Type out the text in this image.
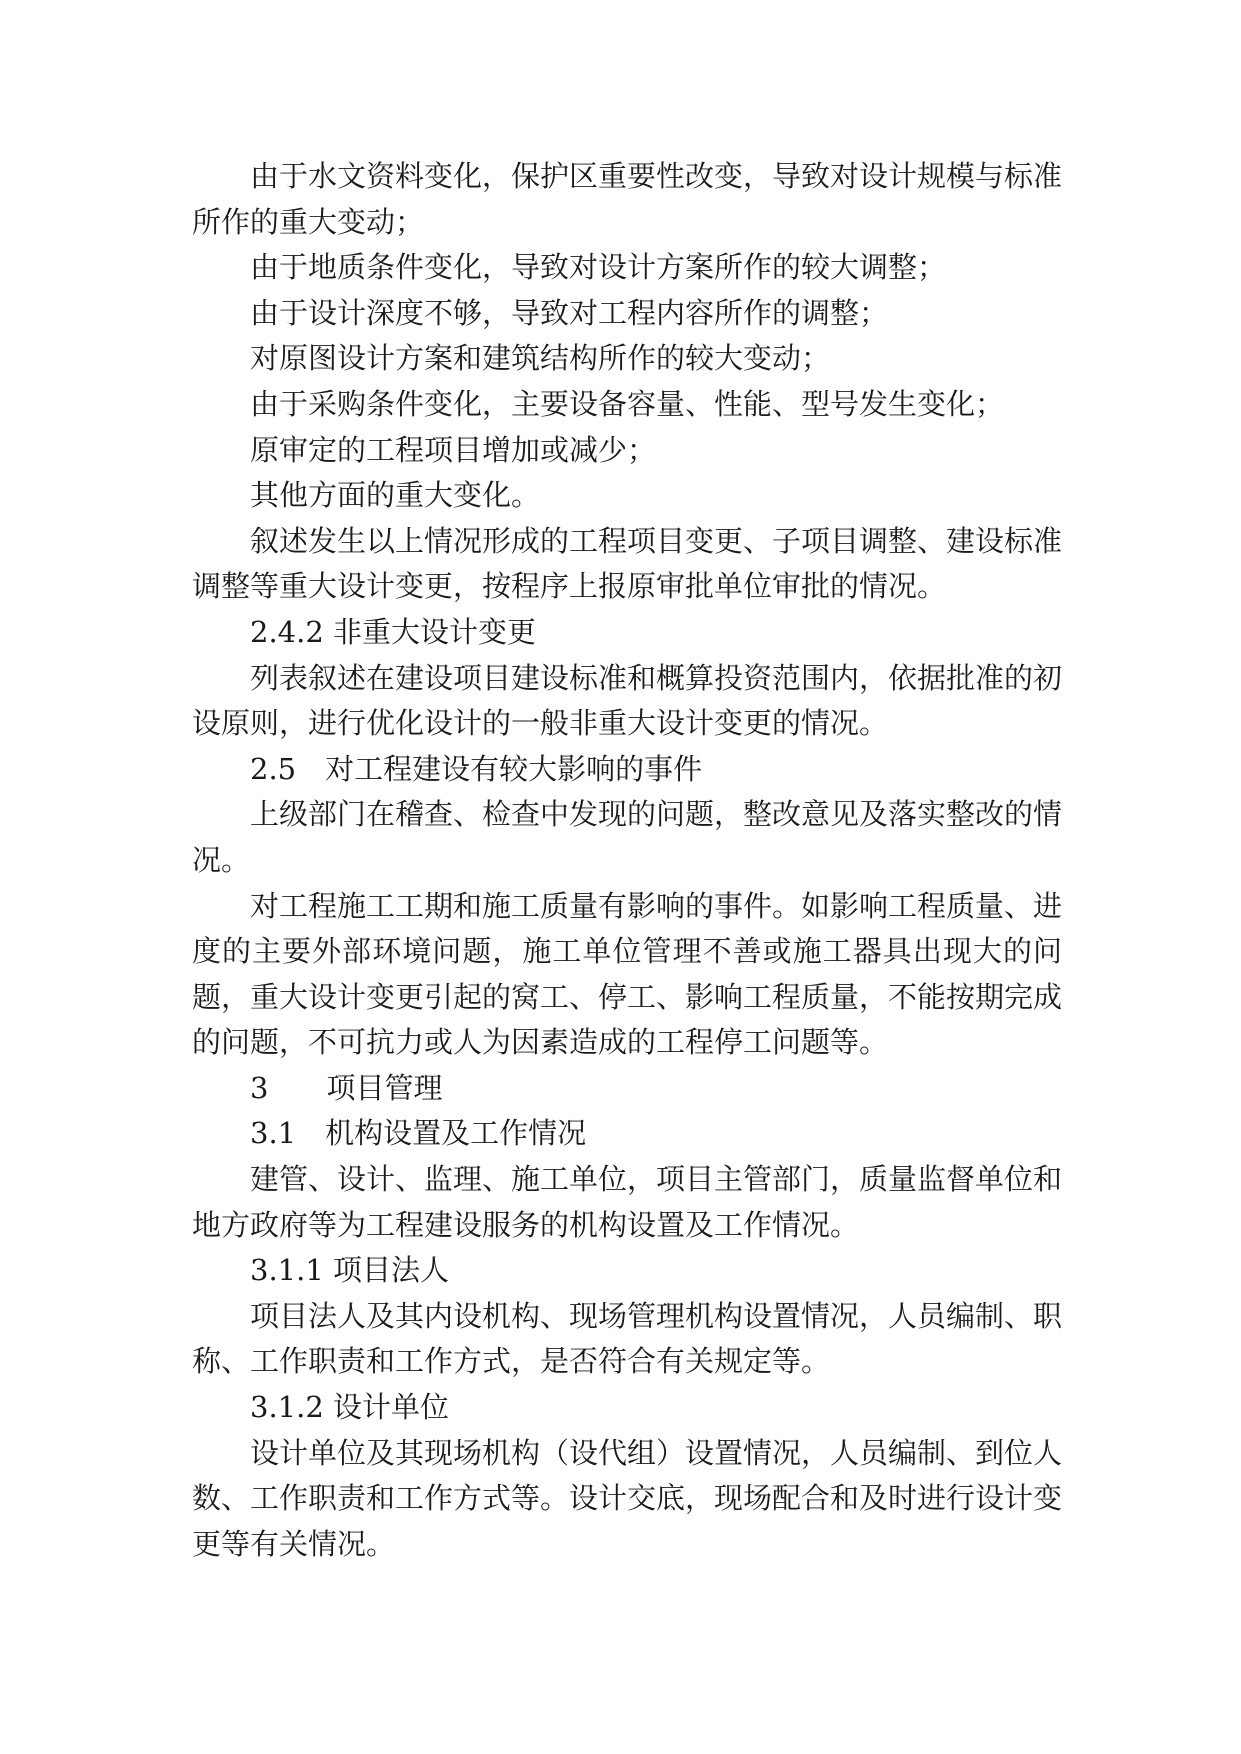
由于水文资料变化，保护区重要性改变，导致对设计规模与标准所作的重大变动；

由于地质条件变化，导致对设计方案所作的较大调整；

由于设计深度不够，导致对工程内容所作的调整；

对原图设计方案和建筑结构所作的较大变动；

由于采购条件变化，主要设备容量、性能、型号发生变化；

原审定的工程项目增加或减少；

其他方面的重大变化。

叙述发生以上情况形成的工程项目变更、子项目调整、建设标准调整等重大设计变更，按程序上报原审批单位审批的情况。

2.4.2 非重大设计变更

列表叙述在建设项目建设标准和概算投资范围内，依据批准的初设原则，进行优化设计的一般非重大设计变更的情况。

2.5　对工程建设有较大影响的事件

上级部门在稽查、检查中发现的问题，整改意见及落实整改的情况。

对工程施工工期和施工质量有影响的事件。如影响工程质量、进度的主要外部环境问题，施工单位管理不善或施工器具出现大的问题，重大设计变更引起的窝工、停工、影响工程质量，不能按期完成的问题，不可抗力或人为因素造成的工程停工问题等。

3　　项目管理

3.1　机构设置及工作情况

建管、设计、监理、施工单位，项目主管部门，质量监督单位和地方政府等为工程建设服务的机构设置及工作情况。

3.1.1 项目法人

项目法人及其内设机构、现场管理机构设置情况，人员编制、职称、工作职责和工作方式，是否符合有关规定等。

3.1.2 设计单位

设计单位及其现场机构（设代组）设置情况，人员编制、到位人数、工作职责和工作方式等。设计交底，现场配合和及时进行设计变更等有关情况。
